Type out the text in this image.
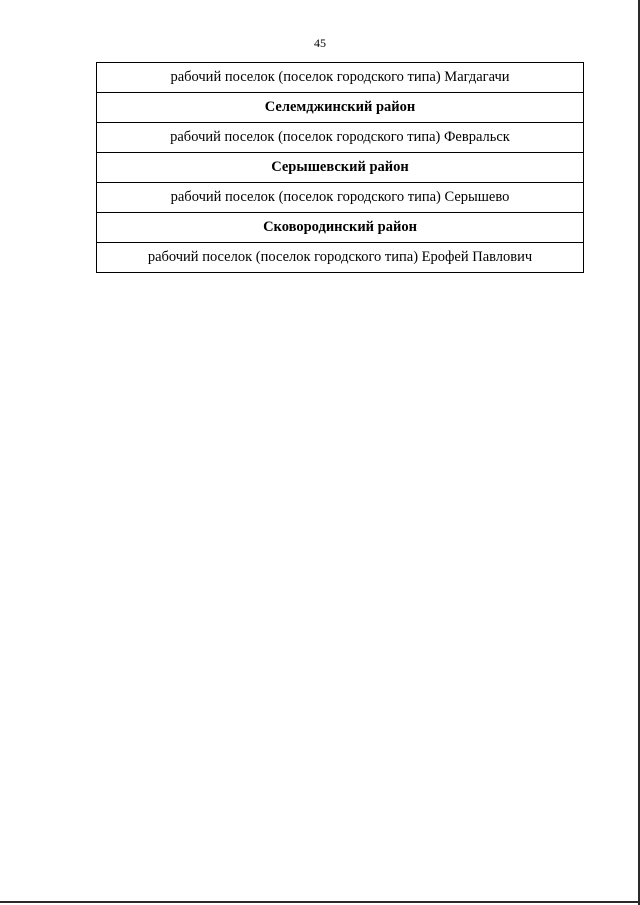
45
рабочий поселок (поселок городского типа) Магдагачи
Селемджинский район
рабочий поселок (поселок городского типа) Февральск
Серышевский район
рабочий поселок (поселок городского типа) Серышево
Сковородинский район
рабочий поселок (поселок городского типа) Ерофей Павлович
